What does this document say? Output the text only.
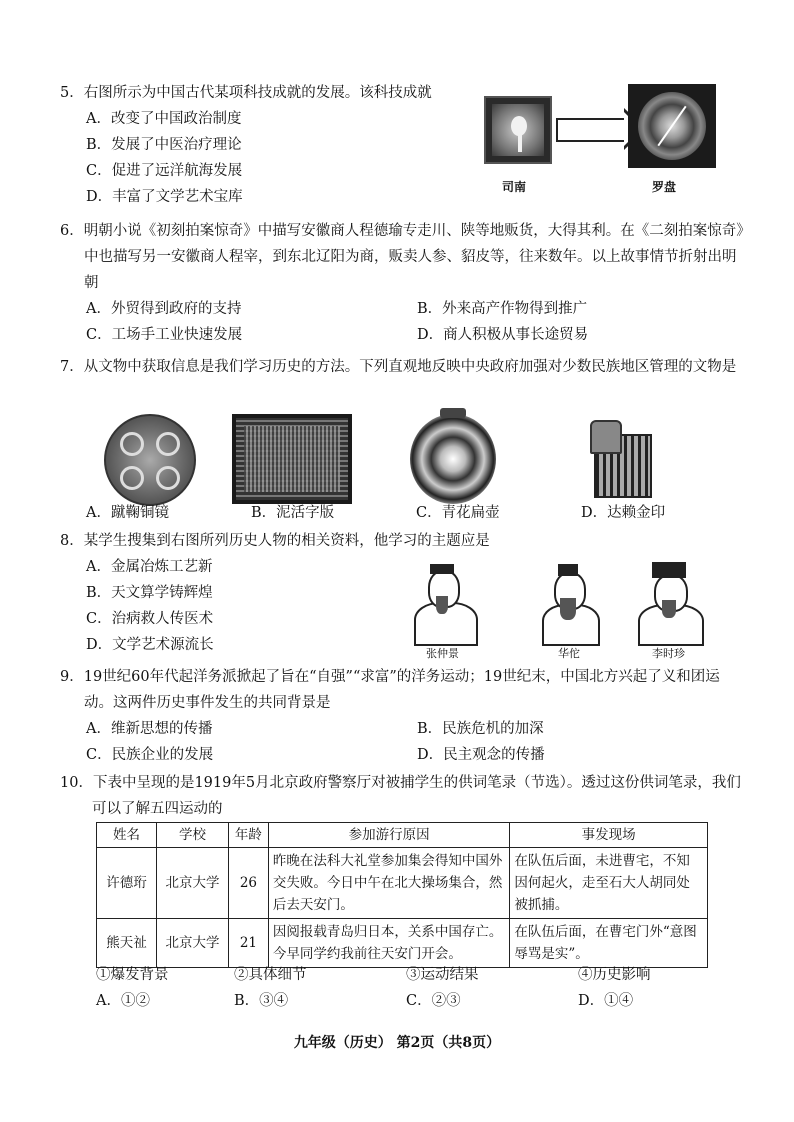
5．右图所示为中国古代某项科技成就的发展。该科技成就
A．改变了中国政治制度
B．发展了中医治疗理论
C．促进了远洋航海发展
D．丰富了文学艺术宝库
司南	罗盘
6．明朝小说《初刻拍案惊奇》中描写安徽商人程德瑜专走川、陕等地贩货，大得其利。在《二刻拍案惊奇》中也描写另一安徽商人程宰，到东北辽阳为商，贩卖人参、貂皮等，往来数年。以上故事情节折射出明朝
A．外贸得到政府的支持	B．外来高产作物得到推广
C．工场手工业快速发展	D．商人积极从事长途贸易
7．从文物中获取信息是我们学习历史的方法。下列直观地反映中央政府加强对少数民族地区管理的文物是
A．蹴鞠铜镜	B．泥活字版	C．青花扁壶	D．达赖金印
8．某学生搜集到右图所列历史人物的相关资料，他学习的主题应是
A．金属冶炼工艺新
B．天文算学铸辉煌
C．治病救人传医术
D．文学艺术源流长
张仲景	华佗	李时珍
9．19世纪60年代起洋务派掀起了旨在“自强”“求富”的洋务运动；19世纪末，中国北方兴起了义和团运动。这两件历史事件发生的共同背景是
A．维新思想的传播	B．民族危机的加深
C．民族企业的发展	D．民主观念的传播
10．下表中呈现的是1919年5月北京政府警察厅对被捕学生的供词笔录（节选）。透过这份供词笔录，我们可以了解五四运动的
姓名	学校	年龄	参加游行原因	事发现场
许德珩	北京大学	26	昨晚在法科大礼堂参加集会得知中国外交失败。今日中午在北大操场集合，然后去天安门。	在队伍后面，未进曹宅，不知因何起火，走至石大人胡同处被抓捕。
熊天祉	北京大学	21	因阅报载青岛归日本，关系中国存亡。今早同学约我前往天安门开会。	在队伍后面，在曹宅门外“意图辱骂是实”。
①爆发背景	②具体细节	③运动结果	④历史影响
A．①②	B．③④	C．②③	D．①④
九年级（历史） 第2页（共8页）
